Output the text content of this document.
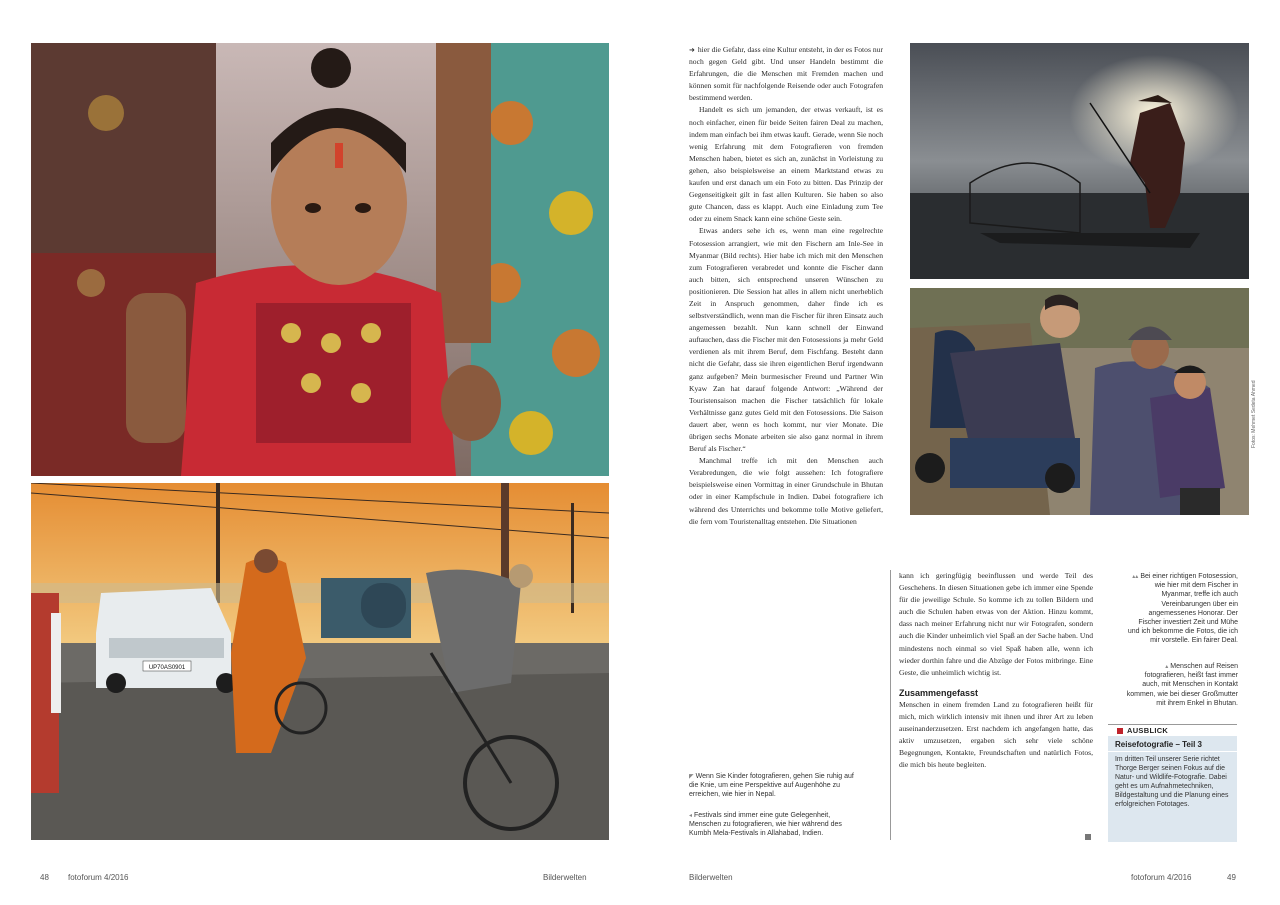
UP70AS0901
◤ Wenn Sie Kinder fotografieren, gehen Sie ruhig auf die Knie, um eine Perspektive auf Augenhöhe zu erreichen, wie hier in Nepal.
◂ Festivals sind immer eine gute Gelegenheit, Menschen zu fotografieren, wie hier während des Kumbh Mela-Festivals in Allahabad, Indien.
48 fotoforum 4/2016	Bilderwelten

➜ hier die Gefahr, dass eine Kultur entsteht, in der es Fotos nur noch gegen Geld gibt. Und unser Handeln bestimmt die Erfahrungen, die die Menschen mit Fremden machen und können somit für nachfolgende Reisende oder auch Fotografen bestimmend werden.

Handelt es sich um jemanden, der etwas verkauft, ist es noch einfacher, einen für beide Seiten fairen Deal zu machen, indem man einfach bei ihm etwas kauft. Gerade, wenn Sie noch wenig Erfahrung mit dem Fotografieren von fremden Menschen haben, bietet es sich an, zunächst in Vorleistung zu gehen, also beispielsweise an einem Marktstand etwas zu kaufen und erst danach um ein Foto zu bitten. Das Prinzip der Gegenseitigkeit gilt in fast allen Kulturen. Sie haben so also gute Chancen, dass es klappt. Auch eine Einladung zum Tee oder zu einem Snack kann eine schöne Geste sein.

Etwas anders sehe ich es, wenn man eine regelrechte Fotosession arrangiert, wie mit den Fischern am Inle-See in Myanmar (Bild rechts). Hier habe ich mich mit den Menschen zum Fotografieren verabredet und konnte die Fischer dann auch bitten, sich entsprechend unseren Wünschen zu positionieren. Die Session hat alles in allem nicht unerheblich Zeit in Anspruch genommen, daher finde ich es selbstverständlich, wenn man die Fischer für ihren Einsatz auch angemessen bezahlt. Nun kann schnell der Einwand auftauchen, dass die Fischer mit den Fotosessions ja mehr Geld verdienen als mit ihrem Beruf, dem Fischfang. Besteht dann nicht die Gefahr, dass sie ihren eigentlichen Beruf irgendwann ganz aufgeben? Mein burmesischer Freund und Partner Win Kyaw Zan hat darauf folgende Antwort: „Während der Touristensaison machen die Fischer tatsächlich für lokale Verhältnisse ganz gutes Geld mit den Fotosessions. Die Saison dauert aber, wenn es hoch kommt, nur vier Monate. Die übrigen sechs Monate arbeiten sie also ganz normal in ihrem Beruf als Fischer.“

Manchmal treffe ich mit den Menschen auch Verabredungen, die wie folgt aussehen: Ich fotografiere beispielsweise einen Vormittag in einer Grundschule in Bhutan oder in einer Kampfschule in Indien. Dabei fotografiere ich während des Unterrichts und bekomme tolle Motive geliefert, die fern vom Touristenalltag entstehen. Die Situationen

kann ich geringfügig beeinflussen und werde Teil des Geschehens. In diesen Situationen gebe ich immer eine Spende für die jeweilige Schule. So komme ich zu tollen Bildern und auch die Schulen haben etwas von der Aktion. Hinzu kommt, dass nach meiner Erfahrung nicht nur wir Fotografen, sondern auch die Kinder unheimlich viel Spaß an der Sache haben. Und mindestens noch einmal so viel Spaß haben alle, wenn ich wieder dorthin fahre und die Abzüge der Fotos mitbringe. Eine Geste, die unheimlich wichtig ist.

Zusammengefasst

Menschen in einem fremden Land zu fotografieren heißt für mich, mich wirklich intensiv mit ihnen und ihrer Art zu leben auseinanderzusetzen. Erst nachdem ich angefangen hatte, das aktiv umzusetzen, ergaben sich sehr viele schöne Begegnungen, Kontakte, Freundschaften und natürlich Fotos, die mich bis heute begleiten.

Fotos: Mehmet Sedeta Ahmed
▴▴ Bei einer richtigen Fotosession, wie hier mit dem Fischer in Myanmar, treffe ich auch Vereinbarungen über ein angemessenes Honorar. Der Fischer investiert Zeit und Mühe und ich bekomme die Fotos, die ich mir vorstelle. Ein fairer Deal.
▴ Menschen auf Reisen fotografieren, heißt fast immer auch, mit Menschen in Kontakt kommen, wie bei dieser Großmutter mit ihrem Enkel in Bhutan.
AUSBLICK
Reisefotografie – Teil 3
Im dritten Teil unserer Serie richtet Thorge Berger seinen Fokus auf die Natur- und Wildlife-Fotografie. Dabei geht es um Aufnahmetechniken, Bildgestaltung und die Planung eines erfolgreichen Fototages.
Bilderwelten	fotoforum 4/2016	49
